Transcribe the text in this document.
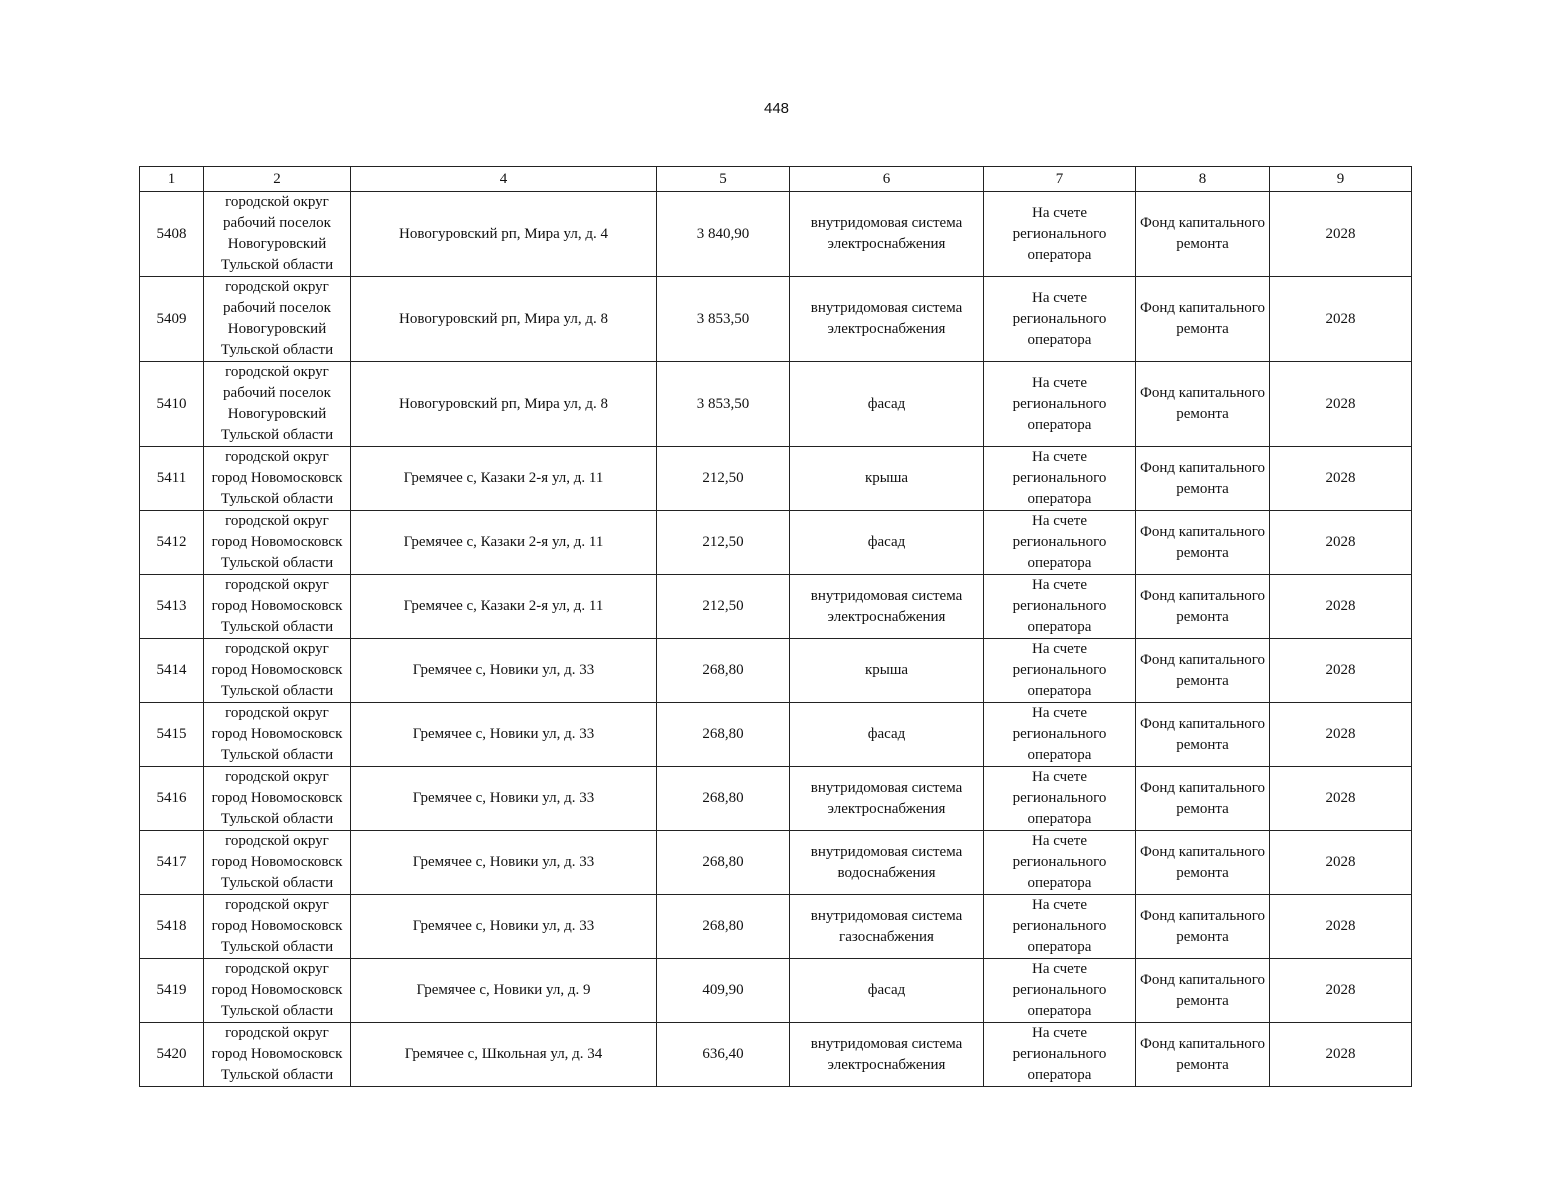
448
1	2	4	5	6	7	8	9
5408	городской округ рабочий поселок Новогуровский Тульской области	Новогуровский рп, Мира ул, д. 4	3 840,90	внутридомовая система электроснабжения	На счете регионального оператора	Фонд капитального ремонта	2028
5409	городской округ рабочий поселок Новогуровский Тульской области	Новогуровский рп, Мира ул, д. 8	3 853,50	внутридомовая система электроснабжения	На счете регионального оператора	Фонд капитального ремонта	2028
5410	городской округ рабочий поселок Новогуровский Тульской области	Новогуровский рп, Мира ул, д. 8	3 853,50	фасад	На счете регионального оператора	Фонд капитального ремонта	2028
5411	городской округ город Новомосковск Тульской области	Гремячее с, Казаки 2-я ул, д. 11	212,50	крыша	На счете регионального оператора	Фонд капитального ремонта	2028
5412	городской округ город Новомосковск Тульской области	Гремячее с, Казаки 2-я ул, д. 11	212,50	фасад	На счете регионального оператора	Фонд капитального ремонта	2028
5413	городской округ город Новомосковск Тульской области	Гремячее с, Казаки 2-я ул, д. 11	212,50	внутридомовая система электроснабжения	На счете регионального оператора	Фонд капитального ремонта	2028
5414	городской округ город Новомосковск Тульской области	Гремячее с, Новики ул, д. 33	268,80	крыша	На счете регионального оператора	Фонд капитального ремонта	2028
5415	городской округ город Новомосковск Тульской области	Гремячее с, Новики ул, д. 33	268,80	фасад	На счете регионального оператора	Фонд капитального ремонта	2028
5416	городской округ город Новомосковск Тульской области	Гремячее с, Новики ул, д. 33	268,80	внутридомовая система электроснабжения	На счете регионального оператора	Фонд капитального ремонта	2028
5417	городской округ город Новомосковск Тульской области	Гремячее с, Новики ул, д. 33	268,80	внутридомовая система водоснабжения	На счете регионального оператора	Фонд капитального ремонта	2028
5418	городской округ город Новомосковск Тульской области	Гремячее с, Новики ул, д. 33	268,80	внутридомовая система газоснабжения	На счете регионального оператора	Фонд капитального ремонта	2028
5419	городской округ город Новомосковск Тульской области	Гремячее с, Новики ул, д. 9	409,90	фасад	На счете регионального оператора	Фонд капитального ремонта	2028
5420	городской округ город Новомосковск Тульской области	Гремячее с, Школьная ул, д. 34	636,40	внутридомовая система электроснабжения	На счете регионального оператора	Фонд капитального ремонта	2028
